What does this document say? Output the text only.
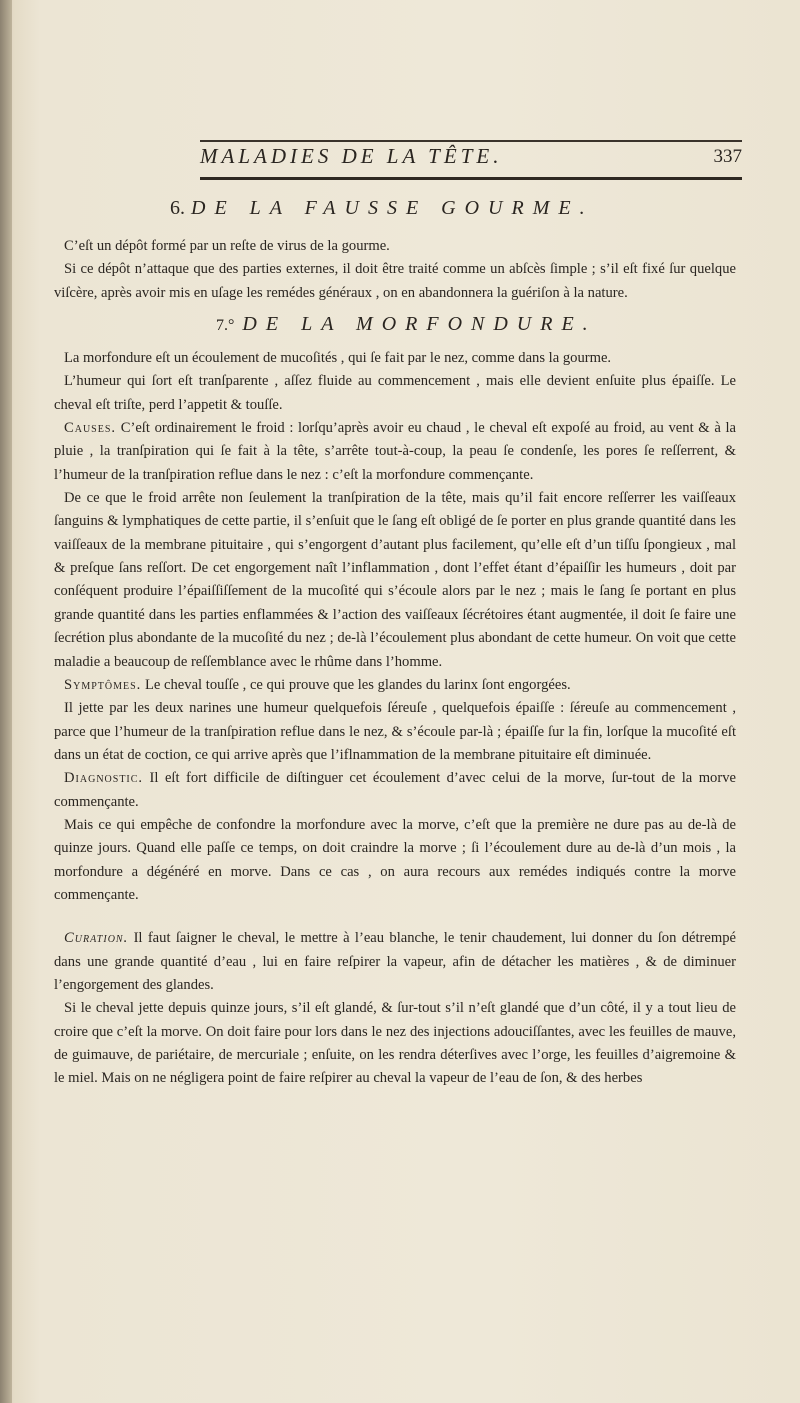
MALADIES DE LA TÊTE.	337
6. DE LA FAUSSE GOURME.

C’eſt un dépôt formé par un reſte de virus de la gourme.

Si ce dépôt n’attaque que des parties externes, il doit être traité comme un abſcès ſimple ; s’il eſt fixé ſur quelque viſcère, après avoir mis en uſage les remédes généraux , on en abandonnera la guériſon à la nature.

7.° DE LA MORFONDURE.

La morfondure eſt un écoulement de mucoſités , qui ſe fait par le nez, comme dans la gourme.

L’humeur qui ſort eſt tranſparente , aſſez fluide au commencement , mais elle devient enſuite plus épaiſſe. Le cheval eſt triſte, perd l’appetit & touſſe.

Causes. C’eſt ordinairement le froid : lorſqu’après avoir eu chaud , le cheval eſt expoſé au froid, au vent & à la pluie , la tranſpiration qui ſe fait à la tête, s’arrête tout-à-coup, la peau ſe condenſe, les pores ſe reſſerrent, & l’humeur de la tranſpiration reflue dans le nez : c’eſt la morfondure commençante.

De ce que le froid arrête non ſeulement la tranſpiration de la tête, mais qu’il fait encore reſſerrer les vaiſſeaux ſanguins & lymphatiques de cette partie, il s’enſuit que le ſang eſt obligé de ſe porter en plus grande quantité dans les vaiſſeaux de la membrane pituitaire , qui s’engorgent d’autant plus facilement, qu’elle eſt d’un tiſſu ſpongieux , mal & preſque ſans reſſort. De cet engorgement naît l’inflammation , dont l’effet étant d’épaiſſir les humeurs , doit par conſéquent produire l’épaiſſiſſement de la mucoſité qui s’écoule alors par le nez ; mais le ſang ſe portant en plus grande quantité dans les parties enflammées & l’action des vaiſſeaux ſécrétoires étant augmentée, il doit ſe faire une ſecrétion plus abondante de la mucoſité du nez ; de-là l’écoulement plus abondant de cette humeur. On voit que cette maladie a beaucoup de reſſemblance avec le rhûme dans l’homme.

Symptômes. Le cheval touſſe , ce qui prouve que les glandes du larinx ſont engorgées.

Il jette par les deux narines une humeur quelquefois ſéreuſe , quelquefois épaiſſe : ſéreuſe au commencement , parce que l’humeur de la tranſpiration reflue dans le nez, & s’écoule par-là ; épaiſſe ſur la fin, lorſque la mucoſité eſt dans un état de coction, ce qui arrive après que l’iflnammation de la membrane pituitaire eſt diminuée.

Diagnostic. Il eſt fort difficile de diſtinguer cet écoulement d’avec celui de la morve, ſur-tout de la morve commençante.

Mais ce qui empêche de confondre la morfondure avec la morve, c’eſt que la première ne dure pas au de-là de quinze jours. Quand elle paſſe ce temps, on doit craindre la morve ; ſi l’écoulement dure au de-là d’un mois , la morfondure a dégénéré en morve. Dans ce cas , on aura recours aux remédes indiqués contre la morve commençante.

Curation. Il faut ſaigner le cheval, le mettre à l’eau blanche, le tenir chaudement, lui donner du ſon détrempé dans une grande quantité d’eau , lui en faire reſpirer la vapeur, afin de détacher les matières , & de diminuer l’engorgement des glandes.

Si le cheval jette depuis quinze jours, s’il eſt glandé, & ſur-tout s’il n’eſt glandé que d’un côté, il y a tout lieu de croire que c’eſt la morve. On doit faire pour lors dans le nez des injections adouciſſantes, avec les feuilles de mauve, de guimauve, de pariétaire, de mercuriale ; enſuite, on les rendra déterſives avec l’orge, les feuilles d’aigremoine & le miel. Mais on ne négligera point de faire reſpirer au cheval la vapeur de l’eau de ſon, & des herbes
